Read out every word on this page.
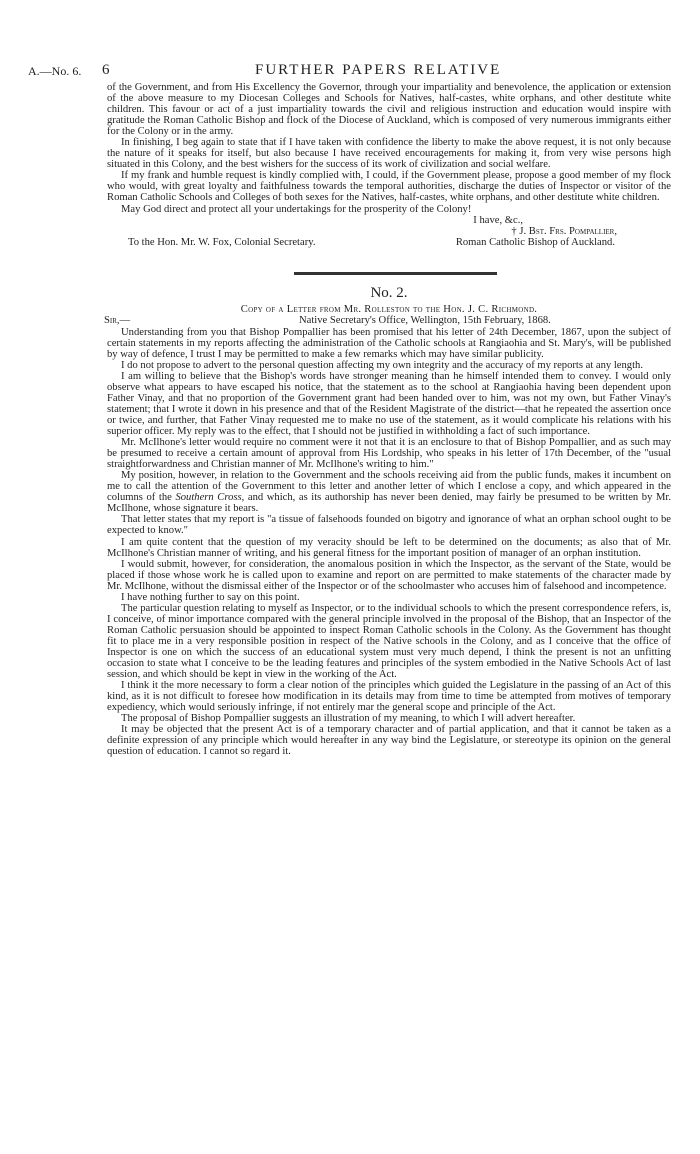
A.—No. 6. 6	FURTHER PAPERS RELATIVE

of the Government, and from His Excellency the Governor, through your impartiality and benevolence, the application or extension of the above measure to my Diocesan Colleges and Schools for Natives, half-castes, white orphans, and other destitute white children. This favour or act of a just impartiality towards the civil and religious instruction and education would inspire with gratitude the Roman Catholic Bishop and flock of the Diocese of Auckland, which is composed of very numerous immigrants either for the Colony or in the army.

In finishing, I beg again to state that if I have taken with confidence the liberty to make the above request, it is not only because the nature of it speaks for itself, but also because I have received encouragements for making it, from very wise persons high situated in this Colony, and the best wishers for the success of its work of civilization and social welfare.

If my frank and humble request is kindly complied with, I could, if the Government please, propose a good member of my flock who would, with great loyalty and faithfulness towards the temporal authorities, discharge the duties of Inspector or visitor of the Roman Catholic Schools and Colleges of both sexes for the Natives, half-castes, white orphans, and other destitute white children.

May God direct and protect all your undertakings for the prosperity of the Colony!

I have, &c.,
† J. Bst. Frs. Pompallier,
Roman Catholic Bishop of Auckland.
To the Hon. Mr. W. Fox, Colonial Secretary.
No. 2.
Copy of a Letter from Mr. Rolleston to the Hon. J. C. Richmond.
Sir,—	Native Secretary's Office, Wellington, 15th February, 1868.

Understanding from you that Bishop Pompallier has been promised that his letter of 24th December, 1867, upon the subject of certain statements in my reports affecting the administration of the Catholic schools at Rangiaohia and St. Mary's, will be published by way of defence, I trust I may be permitted to make a few remarks which may have similar publicity.

I do not propose to advert to the personal question affecting my own integrity and the accuracy of my reports at any length.

I am willing to believe that the Bishop's words have stronger meaning than he himself intended them to convey. I would only observe what appears to have escaped his notice, that the statement as to the school at Rangiaohia having been dependent upon Father Vinay, and that no proportion of the Government grant had been handed over to him, was not my own, but Father Vinay's statement; that I wrote it down in his presence and that of the Resident Magistrate of the district—that he repeated the assertion once or twice, and further, that Father Vinay requested me to make no use of the statement, as it would complicate his relations with his superior officer. My reply was to the effect, that I should not be justified in withholding a fact of such importance.

Mr. McIlhone's letter would require no comment were it not that it is an enclosure to that of Bishop Pompallier, and as such may be presumed to receive a certain amount of approval from His Lordship, who speaks in his letter of 17th December, of the "usual straightforwardness and Christian manner of Mr. McIlhone's writing to him."

My position, however, in relation to the Government and the schools receiving aid from the public funds, makes it incumbent on me to call the attention of the Government to this letter and another letter of which I enclose a copy, and which appeared in the columns of the Southern Cross, and which, as its authorship has never been denied, may fairly be presumed to be written by Mr. McIlhone, whose signature it bears.

That letter states that my report is "a tissue of falsehoods founded on bigotry and ignorance of what an orphan school ought to be expected to know."

I am quite content that the question of my veracity should be left to be determined on the documents; as also that of Mr. McIlhone's Christian manner of writing, and his general fitness for the important position of manager of an orphan institution.

I would submit, however, for consideration, the anomalous position in which the Inspector, as the servant of the State, would be placed if those whose work he is called upon to examine and report on are permitted to make statements of the character made by Mr. McIlhone, without the dismissal either of the Inspector or of the schoolmaster who accuses him of falsehood and incompetence.

I have nothing further to say on this point.

The particular question relating to myself as Inspector, or to the individual schools to which the present correspondence refers, is, I conceive, of minor importance compared with the general principle involved in the proposal of the Bishop, that an Inspector of the Roman Catholic persuasion should be appointed to inspect Roman Catholic schools in the Colony. As the Government has thought fit to place me in a very responsible position in respect of the Native schools in the Colony, and as I conceive that the office of Inspector is one on which the success of an educational system must very much depend, I think the present is not an unfitting occasion to state what I conceive to be the leading features and principles of the system embodied in the Native Schools Act of last session, and which should be kept in view in the working of the Act.

I think it the more necessary to form a clear notion of the principles which guided the Legislature in the passing of an Act of this kind, as it is not difficult to foresee how modification in its details may from time to time be attempted from motives of temporary expediency, which would seriously infringe, if not entirely mar the general scope and principle of the Act.

The proposal of Bishop Pompallier suggests an illustration of my meaning, to which I will advert hereafter.

It may be objected that the present Act is of a temporary character and of partial application, and that it cannot be taken as a definite expression of any principle which would hereafter in any way bind the Legislature, or stereotype its opinion on the general question of education. I cannot so regard it.
